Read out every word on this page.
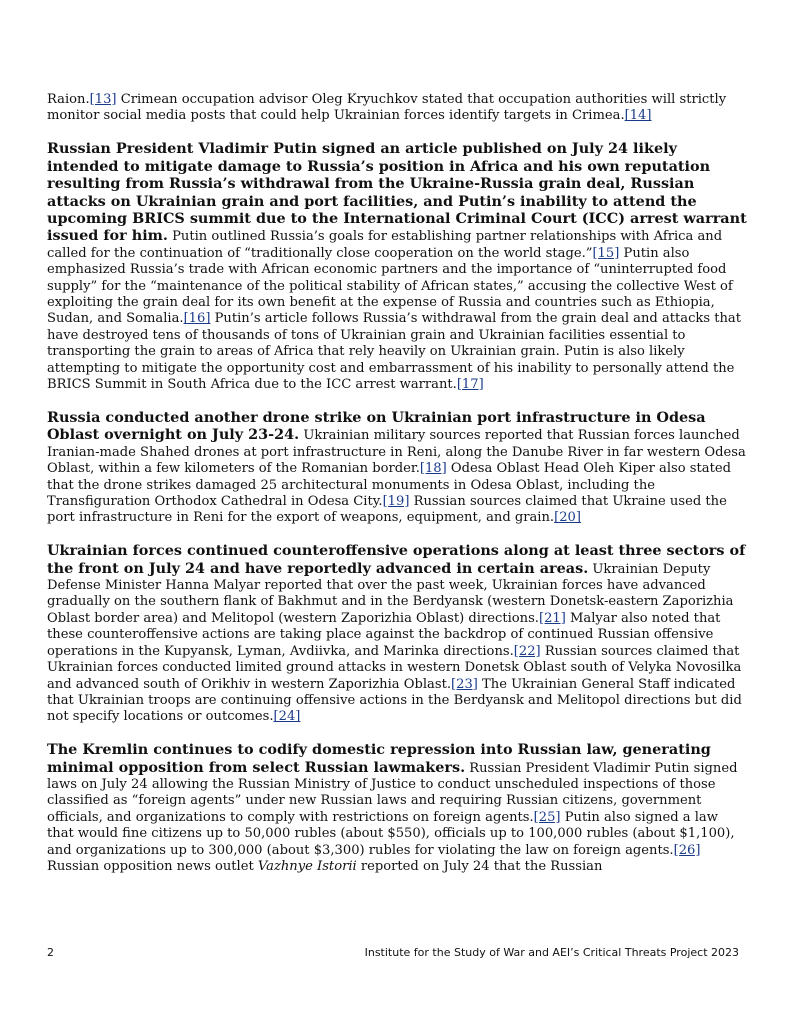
Raion.[13] Crimean occupation advisor Oleg Kryuchkov stated that occupation authorities will strictly monitor social media posts that could help Ukrainian forces identify targets in Crimea.[14]

Russian President Vladimir Putin signed an article published on July 24 likely intended to mitigate damage to Russia’s position in Africa and his own reputation resulting from Russia’s withdrawal from the Ukraine-Russia grain deal, Russian attacks on Ukrainian grain and port facilities, and Putin’s inability to attend the upcoming BRICS summit due to the International Criminal Court (ICC) arrest warrant issued for him. Putin outlined Russia’s goals for establishing partner relationships with Africa and called for the continuation of “traditionally close cooperation on the world stage.”[15] Putin also emphasized Russia’s trade with African economic partners and the importance of “uninterrupted food supply” for the “maintenance of the political stability of African states,” accusing the collective West of exploiting the grain deal for its own benefit at the expense of Russia and countries such as Ethiopia, Sudan, and Somalia.[16] Putin’s article follows Russia’s withdrawal from the grain deal and attacks that have destroyed tens of thousands of tons of Ukrainian grain and Ukrainian facilities essential to transporting the grain to areas of Africa that rely heavily on Ukrainian grain. Putin is also likely attempting to mitigate the opportunity cost and embarrassment of his inability to personally attend the BRICS Summit in South Africa due to the ICC arrest warrant.[17]

Russia conducted another drone strike on Ukrainian port infrastructure in Odesa Oblast overnight on July 23-24. Ukrainian military sources reported that Russian forces launched Iranian-made Shahed drones at port infrastructure in Reni, along the Danube River in far western Odesa Oblast, within a few kilometers of the Romanian border.[18] Odesa Oblast Head Oleh Kiper also stated that the drone strikes damaged 25 architectural monuments in Odesa Oblast, including the Transfiguration Orthodox Cathedral in Odesa City.[19] Russian sources claimed that Ukraine used the port infrastructure in Reni for the export of weapons, equipment, and grain.[20]

Ukrainian forces continued counteroffensive operations along at least three sectors of the front on July 24 and have reportedly advanced in certain areas. Ukrainian Deputy Defense Minister Hanna Malyar reported that over the past week, Ukrainian forces have advanced gradually on the southern flank of Bakhmut and in the Berdyansk (western Donetsk-eastern Zaporizhia Oblast border area) and Melitopol (western Zaporizhia Oblast) directions.[21] Malyar also noted that these counteroffensive actions are taking place against the backdrop of continued Russian offensive operations in the Kupyansk, Lyman, Avdiivka, and Marinka directions.[22] Russian sources claimed that Ukrainian forces conducted limited ground attacks in western Donetsk Oblast south of Velyka Novosilka and advanced south of Orikhiv in western Zaporizhia Oblast.[23] The Ukrainian General Staff indicated that Ukrainian troops are continuing offensive actions in the Berdyansk and Melitopol directions but did not specify locations or outcomes.[24]

The Kremlin continues to codify domestic repression into Russian law, generating minimal opposition from select Russian lawmakers. Russian President Vladimir Putin signed laws on July 24 allowing the Russian Ministry of Justice to conduct unscheduled inspections of those classified as “foreign agents” under new Russian laws and requiring Russian citizens, government officials, and organizations to comply with restrictions on foreign agents.[25] Putin also signed a law that would fine citizens up to 50,000 rubles (about $550), officials up to 100,000 rubles (about $1,100), and organizations up to 300,000 (about $3,300) rubles for violating the law on foreign agents.[26] Russian opposition news outlet Vazhnye Istorii reported on July 24 that the Russian

2	Institute for the Study of War and AEI’s Critical Threats Project 2023
